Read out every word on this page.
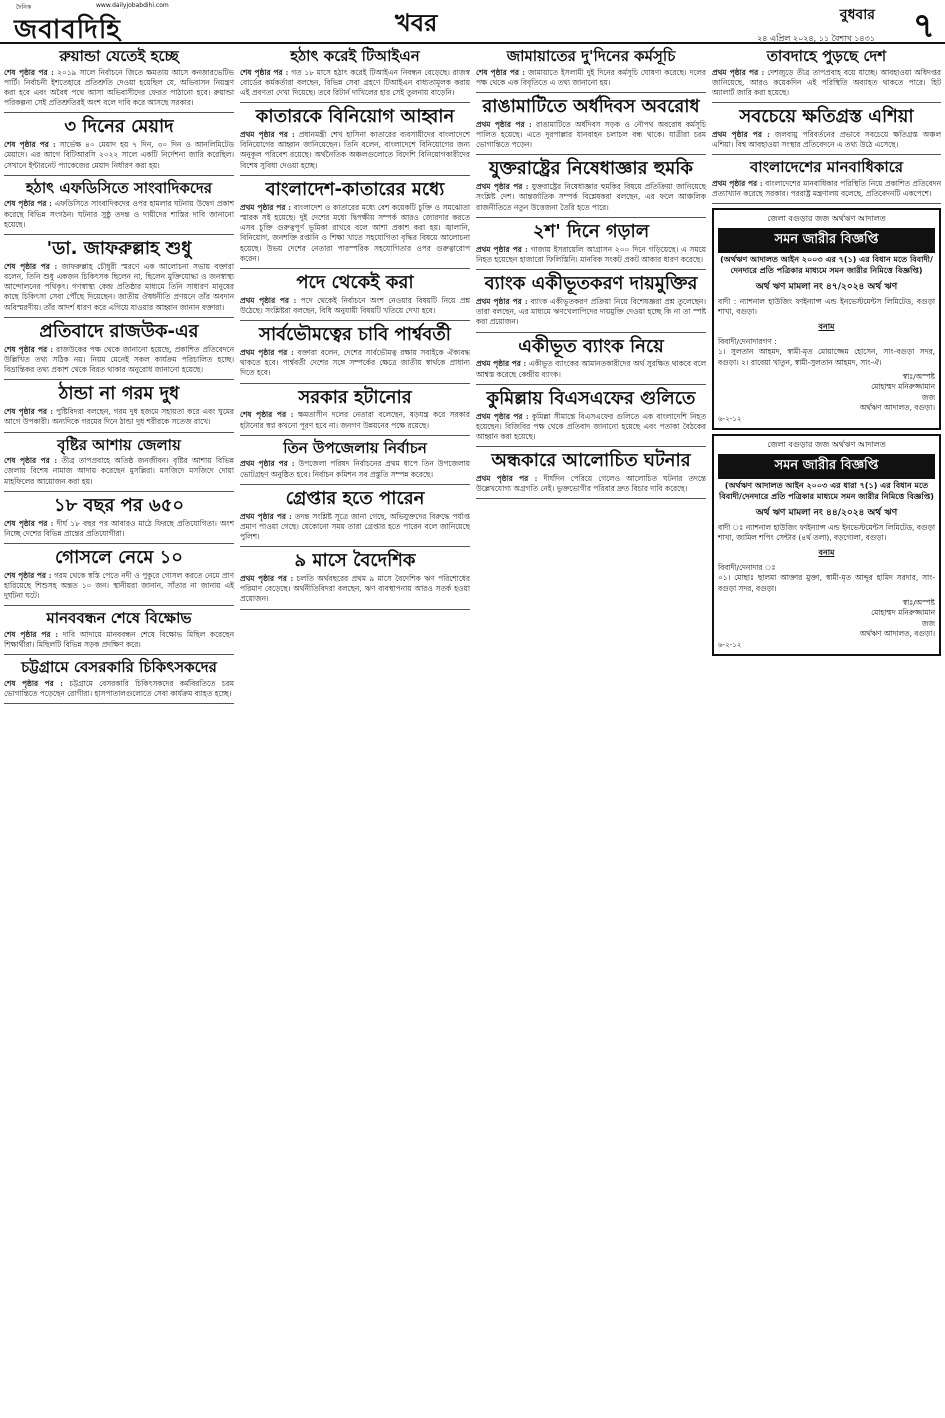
দৈনিক	www.dailyjobabdihi.com
জবাবদিহি	খবর	বুধবার
২৪ এপ্রিল ২০২৪, ১১ বৈশাখ ১৪৩১ ৭
রুয়ান্ডা যেতেই হচ্ছে

শেষ পৃষ্ঠার পর : ২০১৯ সালে নির্বাচনে জিতে ক্ষমতায় আসে কনজারভেটিভ পার্টি। নির্বাচনী ইশতেহারে প্রতিশ্রুতি দেওয়া হয়েছিল যে, অভিবাসন নিয়ন্ত্রণ করা হবে এবং অবৈধ পথে আসা অভিবাসীদের ফেরত পাঠানো হবে। রুয়ান্ডা পরিকল্পনা সেই প্রতিশ্রুতিরই অংশ বলে দাবি করে আসছে সরকার।

৩ দিনের মেয়াদ

শেষ পৃষ্ঠার পর : সার্ভেক্ষ ৪০ মেয়াদ হয় ৭ দিন, ৩০ দিন ও আনলিমিটেড মেয়াদে। এর আগে বিটিআরসি ২০২২ সালে একটি নির্দেশনা জারি করেছিল। সেখানে ইন্টারনেট প্যাকেজের মেয়াদ নির্ধারণ করা হয়।

হঠাৎ এফডিসিতে সাংবাদিকদের

শেষ পৃষ্ঠার পর : এফডিসিতে সাংবাদিকদের ওপর হামলার ঘটনায় উদ্বেগ প্রকাশ করেছে বিভিন্ন সংগঠন। ঘটনার সুষ্ঠু তদন্ত ও দায়ীদের শাস্তির দাবি জানানো হয়েছে।

'ডা. জাফরুল্লাহ শুধু

শেষ পৃষ্ঠার পর : জাফরুল্লাহ চৌধুরী স্মরণে এক আলোচনা সভায় বক্তারা বলেন, তিনি শুধু একজন চিকিৎসক ছিলেন না, ছিলেন মুক্তিযোদ্ধা ও জনস্বাস্থ্য আন্দোলনের পথিকৃৎ। গণস্বাস্থ্য কেন্দ্র প্রতিষ্ঠার মাধ্যমে তিনি সাধারণ মানুষের কাছে চিকিৎসা সেবা পৌঁছে দিয়েছেন। জাতীয় ঔষধনীতি প্রণয়নে তাঁর অবদান অবিস্মরণীয়। তাঁর আদর্শ ধারণ করে এগিয়ে যাওয়ার আহ্বান জানান বক্তারা।

প্রতিবাদে রাজউক-এর

শেষ পৃষ্ঠার পর : রাজউকের পক্ষ থেকে জানানো হয়েছে, প্রকাশিত প্রতিবেদনে উল্লিখিত তথ্য সঠিক নয়। নিয়ম মেনেই সকল কার্যক্রম পরিচালিত হচ্ছে। বিভ্রান্তিকর তথ্য প্রকাশ থেকে বিরত থাকার অনুরোধ জানানো হয়েছে।

ঠান্ডা না গরম দুধ

শেষ পৃষ্ঠার পর : পুষ্টিবিদরা বলছেন, গরম দুধ হজমে সহায়তা করে এবং ঘুমের আগে উপকারী। অন্যদিকে গরমের দিনে ঠান্ডা দুধ শরীরকে সতেজ রাখে।

বৃষ্টির আশায় জেলায়

শেষ পৃষ্ঠার পর : তীব্র তাপপ্রবাহে অতিষ্ঠ জনজীবন। বৃষ্টির আশায় বিভিন্ন জেলায় বিশেষ নামাজ আদায় করেছেন মুসল্লিরা। মসজিদে মসজিদে দোয়া মাহফিলের আয়োজন করা হয়।

১৮ বছর পর ৬৫০

শেষ পৃষ্ঠার পর : দীর্ঘ ১৮ বছর পর আবারও মাঠে ফিরছে প্রতিযোগিতা। অংশ নিচ্ছে দেশের বিভিন্ন প্রান্তের প্রতিযোগীরা।

গোসলে নেমে ১০

শেষ পৃষ্ঠার পর : গরম থেকে স্বস্তি পেতে নদী ও পুকুরে গোসল করতে নেমে প্রাণ হারিয়েছে শিশুসহ অন্তত ১০ জন। স্থানীয়রা জানান, সাঁতার না জানায় এই দুর্ঘটনা ঘটে।

মানববন্ধন শেষে বিক্ষোভ

শেষ পৃষ্ঠার পর : দাবি আদায়ে মানববন্ধন শেষে বিক্ষোভ মিছিল করেছেন শিক্ষার্থীরা। মিছিলটি বিভিন্ন সড়ক প্রদক্ষিণ করে।

চট্টগ্রামে বেসরকারি চিকিৎসকদের

শেষ পৃষ্ঠার পর : চট্টগ্রামে বেসরকারি চিকিৎসকদের কর্মবিরতিতে চরম ভোগান্তিতে পড়েছেন রোগীরা। হাসপাতালগুলোতে সেবা কার্যক্রম ব্যাহত হচ্ছে।

হঠাৎ করেই টিআইএন

শেষ পৃষ্ঠার পর : গত ১৮ মাসে হঠাৎ করেই টিআইএন নিবন্ধন বেড়েছে। রাজস্ব বোর্ডের কর্মকর্তারা বলছেন, বিভিন্ন সেবা গ্রহণে টিআইএন বাধ্যতামূলক করায় এই প্রবণতা দেখা দিয়েছে। তবে রিটার্ন দাখিলের হার সেই তুলনায় বাড়েনি।

কাতারকে বিনিয়োগ আহ্বান

প্রথম পৃষ্ঠার পর : প্রধানমন্ত্রী শেখ হাসিনা কাতারের ব্যবসায়ীদের বাংলাদেশে বিনিয়োগের আহ্বান জানিয়েছেন। তিনি বলেন, বাংলাদেশে বিনিয়োগের জন্য অনুকূল পরিবেশ রয়েছে। অর্থনৈতিক অঞ্চলগুলোতে বিদেশি বিনিয়োগকারীদের বিশেষ সুবিধা দেওয়া হচ্ছে।

বাংলাদেশ-কাতারের মধ্যে

প্রথম পৃষ্ঠার পর : বাংলাদেশ ও কাতারের মধ্যে বেশ কয়েকটি চুক্তি ও সমঝোতা স্মারক সই হয়েছে। দুই দেশের মধ্যে দ্বিপক্ষীয় সম্পর্ক আরও জোরদার করতে এসব চুক্তি গুরুত্বপূর্ণ ভূমিকা রাখবে বলে আশা প্রকাশ করা হয়। জ্বালানি, বিনিয়োগ, জনশক্তি রপ্তানি ও শিক্ষা খাতে সহযোগিতা বৃদ্ধির বিষয়ে আলোচনা হয়েছে। উভয় দেশের নেতারা পারস্পরিক সহযোগিতার ওপর গুরুত্বারোপ করেন।

পদে থেকেই করা

প্রথম পৃষ্ঠার পর : পদে থেকেই নির্বাচনে অংশ নেওয়ার বিষয়টি নিয়ে প্রশ্ন উঠেছে। সংশ্লিষ্টরা বলছেন, বিধি অনুযায়ী বিষয়টি খতিয়ে দেখা হবে।

সার্বভৌমত্বের চাবি পার্শ্ববর্তী

প্রথম পৃষ্ঠার পর : বক্তারা বলেন, দেশের সার্বভৌমত্ব রক্ষায় সবাইকে ঐক্যবদ্ধ থাকতে হবে। পার্শ্ববর্তী দেশের সঙ্গে সম্পর্কের ক্ষেত্রে জাতীয় স্বার্থকে প্রাধান্য দিতে হবে।

সরকার হটানোর

শেষ পৃষ্ঠার পর : ক্ষমতাসীন দলের নেতারা বলেছেন, ষড়যন্ত্র করে সরকার হটানোর স্বপ্ন কখনো পূরণ হবে না। জনগণ উন্নয়নের পক্ষে রয়েছে।

তিন উপজেলায় নির্বাচন

প্রথম পৃষ্ঠার পর : উপজেলা পরিষদ নির্বাচনের প্রথম ধাপে তিন উপজেলায় ভোটগ্রহণ অনুষ্ঠিত হবে। নির্বাচন কমিশন সব প্রস্তুতি সম্পন্ন করেছে।

গ্রেপ্তার হতে পারেন

প্রথম পৃষ্ঠার পর : তদন্ত সংশ্লিষ্ট সূত্রে জানা গেছে, অভিযুক্তদের বিরুদ্ধে পর্যাপ্ত প্রমাণ পাওয়া গেছে। যেকোনো সময় তারা গ্রেপ্তার হতে পারেন বলে জানিয়েছে পুলিশ।

৯ মাসে বৈদেশিক

প্রথম পৃষ্ঠার পর : চলতি অর্থবছরের প্রথম ৯ মাসে বৈদেশিক ঋণ পরিশোধের পরিমাণ বেড়েছে। অর্থনীতিবিদরা বলছেন, ঋণ ব্যবস্থাপনায় আরও সতর্ক হওয়া প্রয়োজন।

জামায়াতের দু'দিনের কর্মসূচি

শেষ পৃষ্ঠার পর : জামায়াতে ইসলামী দুই দিনের কর্মসূচি ঘোষণা করেছে। দলের পক্ষ থেকে এক বিবৃতিতে এ তথ্য জানানো হয়।

রাঙামাটিতে অর্ধদিবস অবরোধ

প্রথম পৃষ্ঠার পর : রাঙামাটিতে অর্ধদিবস সড়ক ও নৌপথ অবরোধ কর্মসূচি পালিত হয়েছে। এতে দূরপাল্লার যানবাহন চলাচল বন্ধ থাকে। যাত্রীরা চরম ভোগান্তিতে পড়েন।

যুক্তরাষ্ট্রের নিষেধাজ্ঞার হুমকি

প্রথম পৃষ্ঠার পর : যুক্তরাষ্ট্রের নিষেধাজ্ঞার হুমকির বিষয়ে প্রতিক্রিয়া জানিয়েছে সংশ্লিষ্ট দেশ। আন্তর্জাতিক সম্পর্ক বিশ্লেষকরা বলছেন, এর ফলে আঞ্চলিক রাজনীতিতে নতুন উত্তেজনা তৈরি হতে পারে।

২শ' দিনে গড়াল

প্রথম পৃষ্ঠার পর : গাজায় ইসরায়েলি আগ্রাসন ২০০ দিনে গড়িয়েছে। এ সময়ে নিহত হয়েছেন হাজারো ফিলিস্তিনি। মানবিক সংকট প্রকট আকার ধারণ করেছে।

ব্যাংক একীভূতকরণ দায়মুক্তির

প্রথম পৃষ্ঠার পর : ব্যাংক একীভূতকরণ প্রক্রিয়া নিয়ে বিশেষজ্ঞরা প্রশ্ন তুলেছেন। তারা বলছেন, এর মাধ্যমে ঋণখেলাপিদের দায়মুক্তি দেওয়া হচ্ছে কি না তা স্পষ্ট করা প্রয়োজন।

একীভূত ব্যাংক নিয়ে

প্রথম পৃষ্ঠার পর : একীভূত ব্যাংকের আমানতকারীদের অর্থ সুরক্ষিত থাকবে বলে আশ্বস্ত করেছে কেন্দ্রীয় ব্যাংক।

কুমিল্লায় বিএসএফের গুলিতে

প্রথম পৃষ্ঠার পর : কুমিল্লা সীমান্তে বিএসএফের গুলিতে এক বাংলাদেশি নিহত হয়েছেন। বিজিবির পক্ষ থেকে প্রতিবাদ জানানো হয়েছে এবং পতাকা বৈঠকের আহ্বান করা হয়েছে।

অন্ধকারে আলোচিত ঘটনার

প্রথম পৃষ্ঠার পর : দীর্ঘদিন পেরিয়ে গেলেও আলোচিত ঘটনার তদন্তে উল্লেখযোগ্য অগ্রগতি নেই। ভুক্তভোগীর পরিবার দ্রুত বিচার দাবি করেছে।

তাবদাহে পুড়ছে দেশ

প্রথম পৃষ্ঠার পর : দেশজুড়ে তীব্র তাপপ্রবাহ বয়ে যাচ্ছে। আবহাওয়া অধিদপ্তর জানিয়েছে, আরও কয়েকদিন এই পরিস্থিতি অব্যাহত থাকতে পারে। হিট অ্যালার্ট জারি করা হয়েছে।

সবচেয়ে ক্ষতিগ্রস্ত এশিয়া

প্রথম পৃষ্ঠার পর : জলবায়ু পরিবর্তনের প্রভাবে সবচেয়ে ক্ষতিগ্রস্ত অঞ্চল এশিয়া। বিশ্ব আবহাওয়া সংস্থার প্রতিবেদনে এ তথ্য উঠে এসেছে।

বাংলাদেশের মানবাধিকারে

প্রথম পৃষ্ঠার পর : বাংলাদেশের মানবাধিকার পরিস্থিতি নিয়ে প্রকাশিত প্রতিবেদন প্রত্যাখ্যান করেছে সরকার। পররাষ্ট্র মন্ত্রণালয় বলেছে, প্রতিবেদনটি একপেশে।

জেলা বগুড়ার জজ অর্থঋণ আদালত
সমন জারীর বিজ্ঞপ্তি
(অর্থঋণ আদালত আইন ২০০৩ এর ৭(১) এর বিধান মতে বিবাদী/দেনদারে প্রতি পত্রিকার মাধ্যমে সমন জারীর নিমিত্তে বিজ্ঞপ্তি)
অর্থ ঋণ মামলা নং ৪৭/২০২৪ অর্থ ঋণ
বাদী : ন্যাশনাল হাউজিং ফাইন্যান্স এন্ড ইনভেস্টমেন্টস লিমিটেড, বগুড়া শাখা, বগুড়া।
বনাম
বিবাদী/দেনাদারগণ :
১। সুলতান আহমদ, স্বামী-মৃত মোয়াজ্জেম হোসেন, সাং-বগুড়া সদর, বগুড়া। ২। রাবেয়া খাতুন, স্বামী-সুলতান আহমদ, সাং-ঐ।
স্বাঃ/অস্পষ্ট
মোহাম্মদ মনিরুজ্জামান
জজ
অর্থঋণ আদালত, বগুড়া।
৬-২-১২
জেলা বগুড়ার জজ অর্থঋণ আদালত
সমন জারীর বিজ্ঞপ্তি
(অর্থঋণ আদালত আইন ২০০৩ এর ধারা ৭(১) এর বিধান মতে বিবাদী/দেনদারে প্রতি পত্রিকার মাধ্যমে সমন জারীর নিমিত্তে বিজ্ঞপ্তি)
অর্থ ঋণ মামলা নং ৪৪/২০২৪ অর্থ ঋণ
বাদী ঃ ন্যাশনাল হাউজিং ফাইন্যান্স এন্ড ইনভেস্টমেন্টস লিমিটেড, বগুড়া শাখা, জামিল শপিং সেন্টার (৪র্থ তলা), বড়গোলা, বগুড়া।
বনাম
বিবাদী/দেনাদার ঃ
০১। মোছাঃ ছালমা আক্তার মুক্তা, স্বামী-মৃত আব্দুর হামিদ সরদার, সাং-বগুড়া সদর, বগুড়া।
স্বাঃ/অস্পষ্ট
মোহাম্মদ মনিরুজ্জামান
জজ
অর্থঋণ আদালত, বগুড়া।
৬-২-১২
